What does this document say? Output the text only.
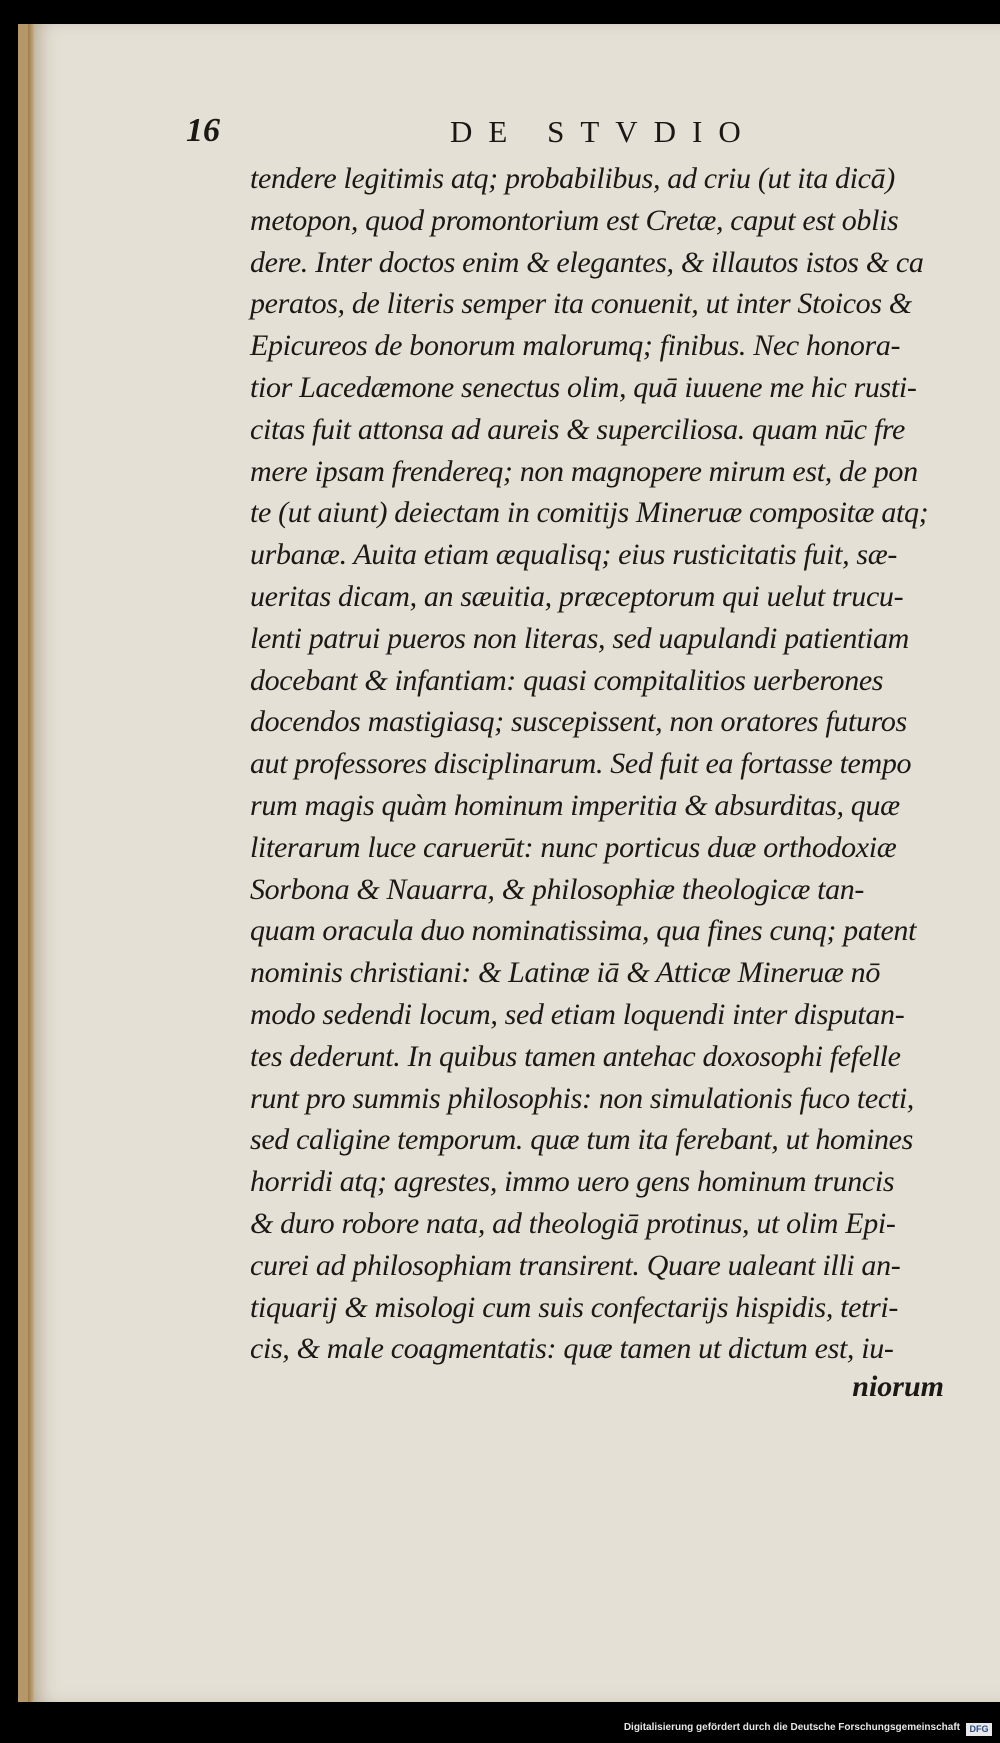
16	DE STVDIO
tendere legitimis atq; probabilibus, ad criu (ut ita dicā)
metopon, quod promontorium est Cretæ, caput est oblis
dere. Inter doctos enim & elegantes, & illautos istos & ca
peratos, de literis semper ita conuenit, ut inter Stoicos &
Epicureos de bonorum malorumq; finibus. Nec honora-
tior Lacedæmone senectus olim, quā iuuene me hic rusti-
citas fuit attonsa ad aureis & superciliosa. quam nūc fre
mere ipsam frendereq; non magnopere mirum est, de pon
te (ut aiunt) deiectam in comitijs Mineruæ compositæ atq;
urbanæ. Auita etiam æqualisq; eius rusticitatis fuit, sæ-
ueritas dicam, an sæuitia, præceptorum qui uelut trucu-
lenti patrui pueros non literas, sed uapulandi patientiam
docebant & infantiam: quasi compitalitios uerberones
docendos mastigiasq; suscepissent, non oratores futuros
aut professores disciplinarum. Sed fuit ea fortasse tempo
rum magis quàm hominum imperitia & absurditas, quæ
literarum luce caruerūt: nunc porticus duæ orthodoxiæ
Sorbona & Nauarra, & philosophiæ theologicæ tan-
quam oracula duo nominatissima, qua fines cunq; patent
nominis christiani: & Latinæ iā & Atticæ Mineruæ nō
modo sedendi locum, sed etiam loquendi inter disputan-
tes dederunt. In quibus tamen antehac doxosophi fefelle
runt pro summis philosophis: non simulationis fuco tecti,
sed caligine temporum. quæ tum ita ferebant, ut homines
horridi atq; agrestes, immo uero gens hominum truncis
& duro robore nata, ad theologiā protinus, ut olim Epi-
curei ad philosophiam transirent. Quare ualeant illi an-
tiquarij & misologi cum suis confectarijs hispidis, tetri-
cis, & male coagmentatis: quæ tamen ut dictum est, iu-
niorum
Digitalisierung gefördert durch die Deutsche Forschungsgemeinschaft	DFG
